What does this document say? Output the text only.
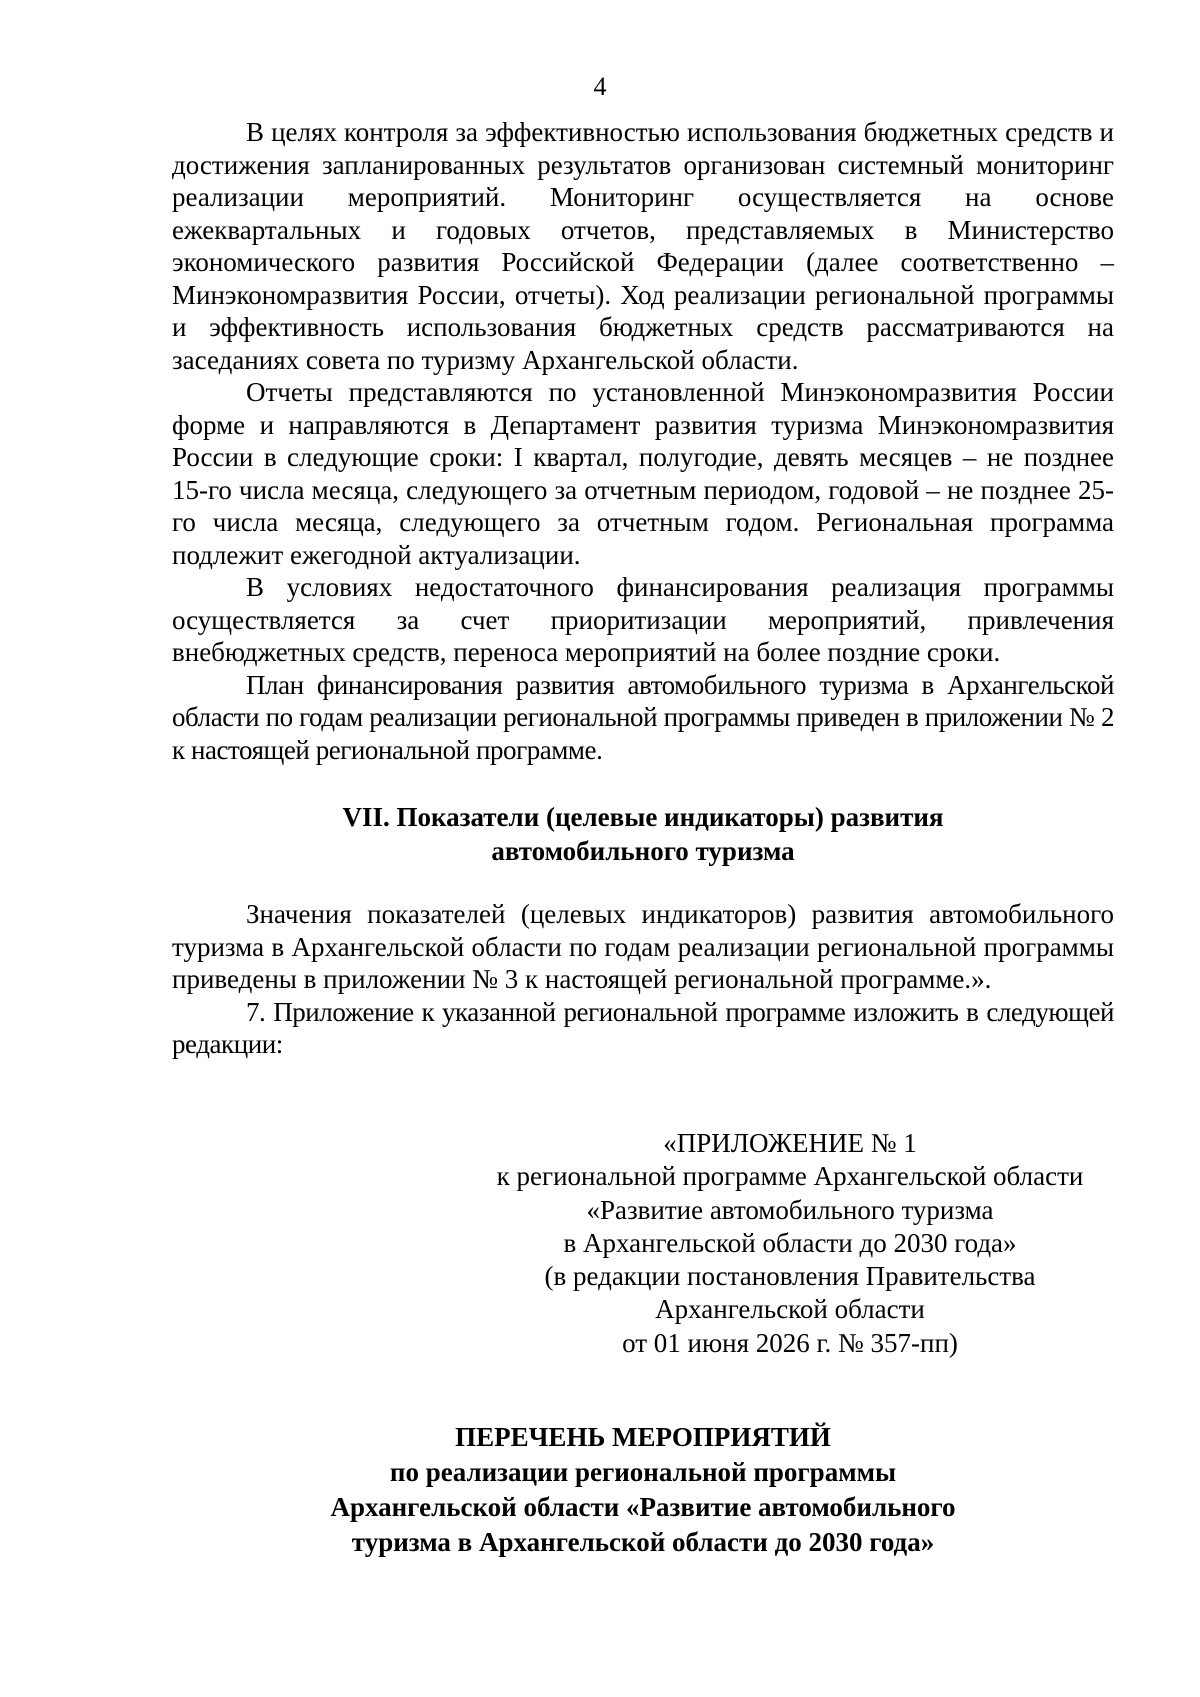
4

В целях контроля за эффективностью использования бюджетных средств и достижения запланированных результатов организован системный мониторинг реализации мероприятий. Мониторинг осуществляется на основе ежеквартальных и годовых отчетов, представляемых в Министерство экономического развития Российской Федерации (далее соответственно – Минэкономразвития России, отчеты). Ход реализации региональной программы и эффективность использования бюджетных средств рассматриваются на заседаниях совета по туризму Архангельской области.

Отчеты представляются по установленной Минэкономразвития России форме и направляются в Департамент развития туризма Минэкономразвития России в следующие сроки: I квартал, полугодие, девять месяцев – не позднее 15-го числа месяца, следующего за отчетным периодом, годовой – не позднее 25-го числа месяца, следующего за отчетным годом. Региональная программа подлежит ежегодной актуализации.

В условиях недостаточного финансирования реализация программы осуществляется за счет приоритизации мероприятий, привлечения внебюджетных средств, переноса мероприятий на более поздние сроки.

План финансирования развития автомобильного туризма в Архангельской области по годам реализации региональной программы приведен в приложении № 2 к настоящей региональной программе.

VII. Показатели (целевые индикаторы) развития
автомобильного туризма

Значения показателей (целевых индикаторов) развития автомобильного туризма в Архангельской области по годам реализации региональной программы приведены в приложении № 3 к настоящей региональной программе.».

7. Приложение к указанной региональной программе изложить в следующей редакции:

«ПРИЛОЖЕНИЕ № 1
к региональной программе Архангельской области
«Развитие автомобильного туризма
в Архангельской области до 2030 года»
(в редакции постановления Правительства
Архангельской области
от 01 июня 2026 г. № 357-пп)
ПЕРЕЧЕНЬ МЕРОПРИЯТИЙ
по реализации региональной программы
Архангельской области «Развитие автомобильного
туризма в Архангельской области до 2030 года»
